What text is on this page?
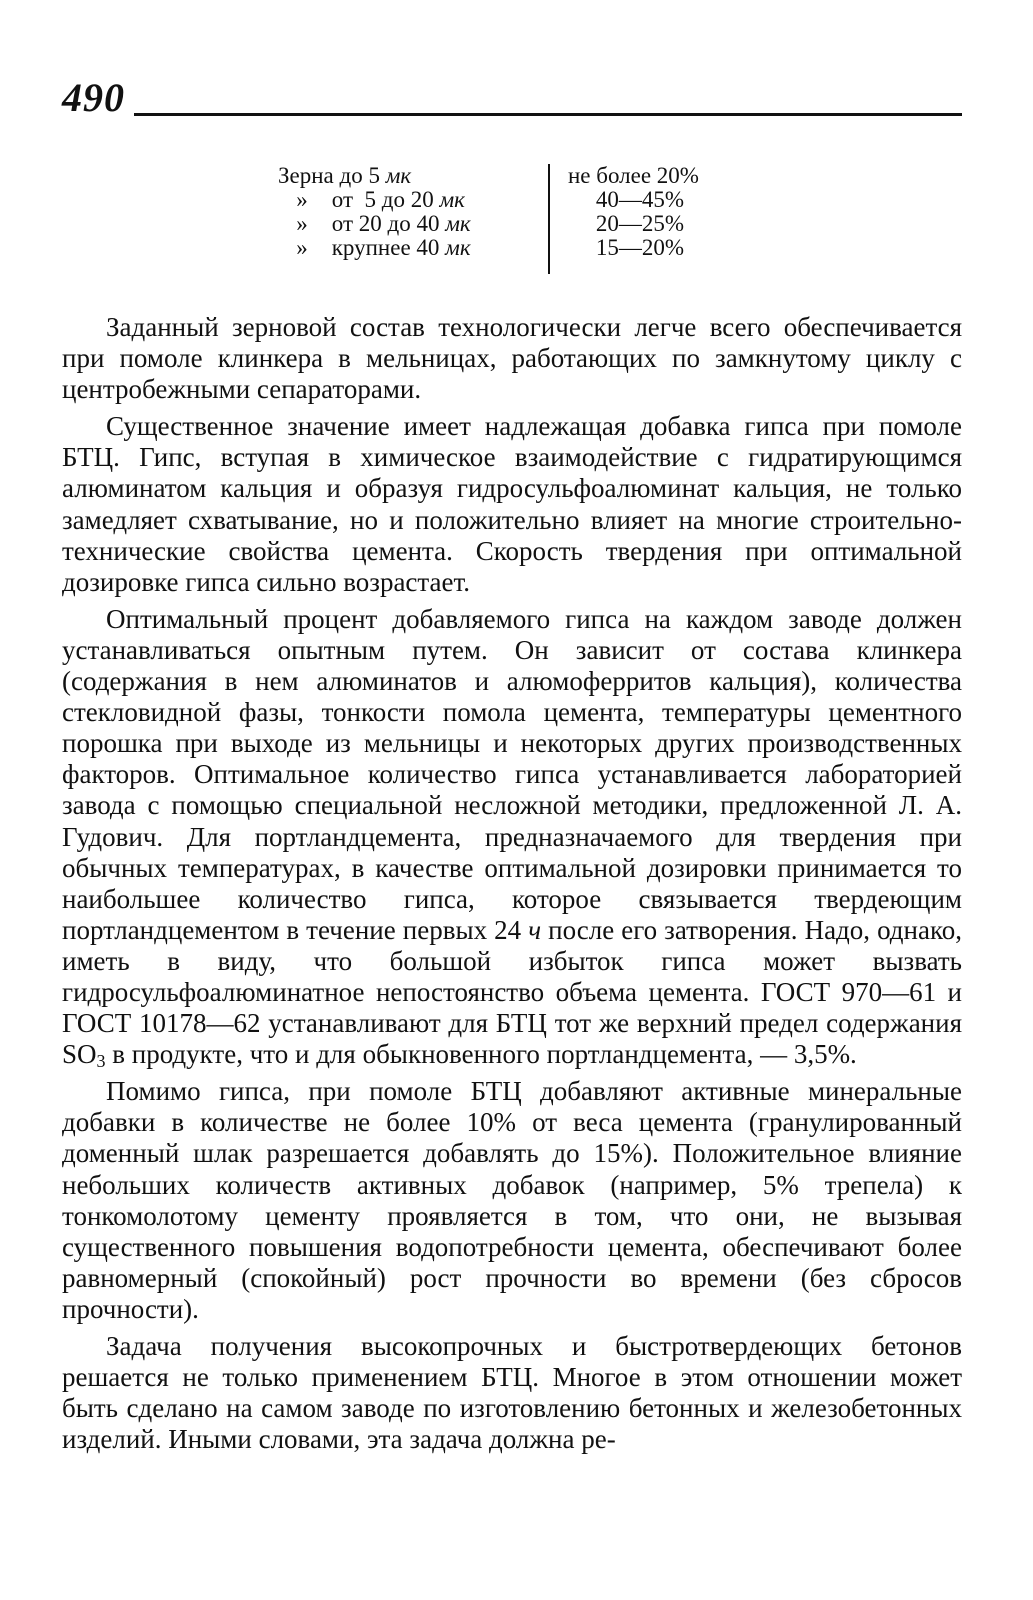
490
Зерна до 5 мк
» от  5 до 20 мк
» от 20 до 40 мк
» крупнее 40 мк
не более 20%
40—45%
20—25%
15—20%

Заданный зерновой состав технологически легче всего обеспечивается при помоле клинкера в мельницах, работающих по замкнутому циклу с центробежными сепараторами.

Существенное значение имеет надлежащая добавка гипса при помоле БТЦ. Гипс, вступая в химическое взаимодействие с гидратирующимся алюминатом кальция и образуя гидросульфоалюминат кальция, не только замедляет схватывание, но и положительно влияет на многие строительно-технические свойства цемента. Скорость твердения при оптимальной дозировке гипса сильно возрастает.

Оптимальный процент добавляемого гипса на каждом заводе должен устанавливаться опытным путем. Он зависит от состава клинкера (содержания в нем алюминатов и алюмоферритов кальция), количества стекловидной фазы, тонкости помола цемента, температуры цементного порошка при выходе из мельницы и некоторых других производственных факторов. Оптимальное количество гипса устанавливается лабораторией завода с помощью специальной несложной методики, предложенной Л. А. Гудович. Для портландцемента, предназначаемого для твердения при обычных температурах, в качестве оптимальной дозировки принимается то наибольшее количество гипса, которое связывается твердеющим портландцементом в течение первых 24 ч после его затворения. Надо, однако, иметь в виду, что большой избыток гипса может вызвать гидросульфоалюминатное непостоянство объема цемента. ГОСТ 970—61 и ГОСТ 10178—62 устанавливают для БТЦ тот же верхний предел содержания $SO_3$ в продукте, что и для обыкновенного портландцемента, — 3,5%.

Помимо гипса, при помоле БТЦ добавляют активные минеральные добавки в количестве не более 10% от веса цемента (гранулированный доменный шлак разрешается добавлять до 15%). Положительное влияние небольших количеств активных добавок (например, 5% трепела) к тонкомолотому цементу проявляется в том, что они, не вызывая существенного повышения водопотребности цемента, обеспечивают более равномерный (спокойный) рост прочности во времени (без сбросов прочности).

Задача получения высокопрочных и быстротвердеющих бетонов решается не только применением БТЦ. Многое в этом отношении может быть сделано на самом заводе по изготовлению бетонных и железобетонных изделий. Иными словами, эта задача должна ре-
